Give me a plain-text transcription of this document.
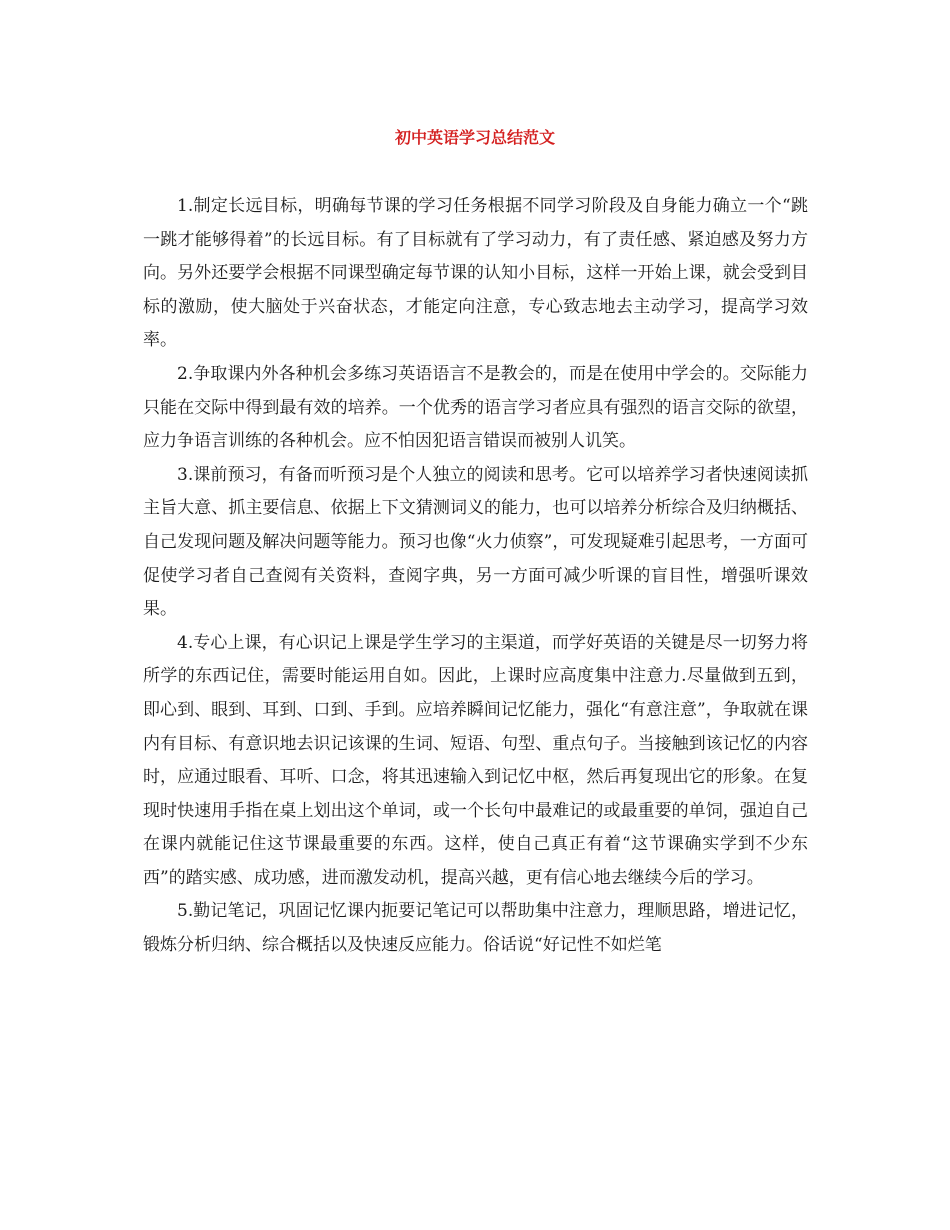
初中英语学习总结范文

1.制定长远目标，明确每节课的学习任务根据不同学习阶段及自身能力确立一个“跳一跳才能够得着”的长远目标。有了目标就有了学习动力，有了责任感、紧迫感及努力方向。另外还要学会根据不同课型确定每节课的认知小目标，这样一开始上课，就会受到目标的激励，使大脑处于兴奋状态，才能定向注意，专心致志地去主动学习，提高学习效率。

2.争取课内外各种机会多练习英语语言不是教会的，而是在使用中学会的。交际能力只能在交际中得到最有效的培养。一个优秀的语言学习者应具有强烈的语言交际的欲望，应力争语言训练的各种机会。应不怕因犯语言错误而被别人讥笑。

3.课前预习，有备而听预习是个人独立的阅读和思考。它可以培养学习者快速阅读抓主旨大意、抓主要信息、依据上下文猜测词义的能力，也可以培养分析综合及归纳概括、自己发现问题及解决问题等能力。预习也像“火力侦察”，可发现疑难引起思考，一方面可促使学习者自己查阅有关资料，查阅字典，另一方面可减少听课的盲目性，增强听课效果。

4.专心上课，有心识记上课是学生学习的主渠道，而学好英语的关键是尽一切努力将所学的东西记住，需要时能运用自如。因此，上课时应高度集中注意力.尽量做到五到，即心到、眼到、耳到、口到、手到。应培养瞬间记忆能力，强化“有意注意”，争取就在课内有目标、有意识地去识记该课的生词、短语、句型、重点句子。当接触到该记忆的内容时，应通过眼看、耳听、口念，将其迅速输入到记忆中枢，然后再复现出它的形象。在复现时快速用手指在桌上划出这个单词，或一个长句中最难记的或最重要的单饲，强迫自己在课内就能记住这节课最重要的东西。这样，使自己真正有着“这节课确实学到不少东西”的踏实感、成功感，进而激发动机，提高兴越，更有信心地去继续今后的学习。

5.勤记笔记，巩固记忆课内扼要记笔记可以帮助集中注意力，理顺思路，增进记忆，锻炼分析归纳、综合概括以及快速反应能力。俗话说“好记性不如烂笔
